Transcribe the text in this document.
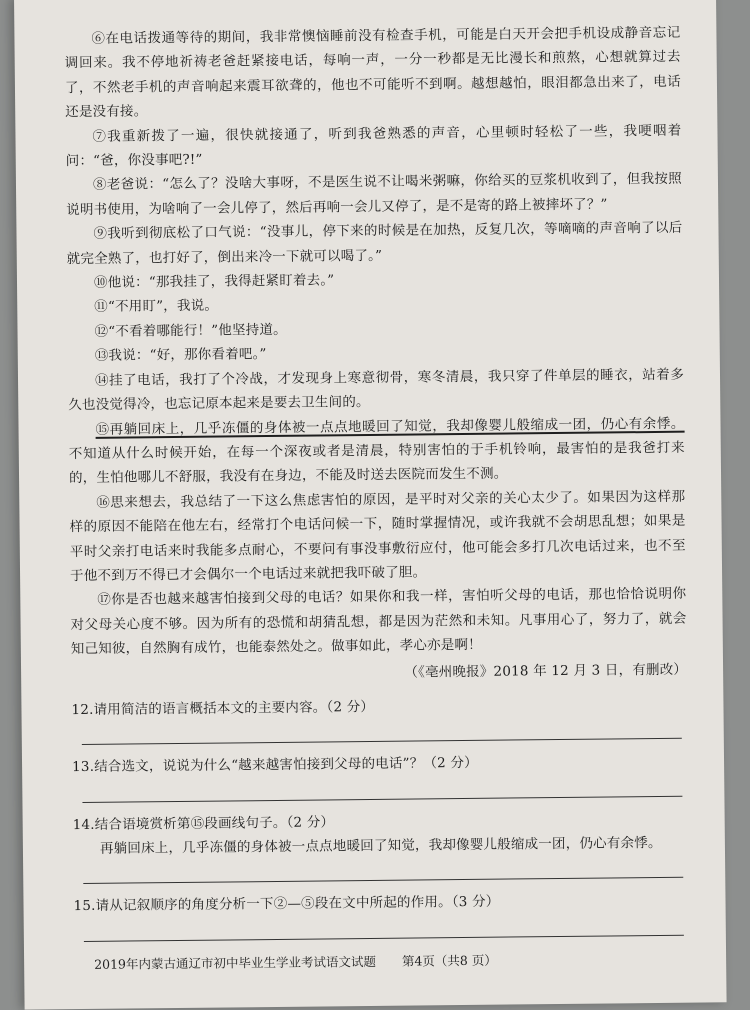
⑥在电话拨通等待的期间，我非常懊恼睡前没有检查手机，可能是白天开会把手机设成静音忘记调回来。我不停地祈祷老爸赶紧接电话，每响一声，一分一秒都是无比漫长和煎熬，心想就算过去了，不然老手机的声音响起来震耳欲聋的，他也不可能听不到啊。越想越怕，眼泪都急出来了，电话还是没有接。

⑦我重新拨了一遍，很快就接通了，听到我爸熟悉的声音，心里顿时轻松了一些，我哽咽着问：“爸，你没事吧?!”

⑧老爸说：“怎么了？没啥大事呀，不是医生说不让喝米粥嘛，你给买的豆浆机收到了，但我按照说明书使用，为啥响了一会儿停了，然后再响一会儿又停了，是不是寄的路上被摔坏了？”

⑨我听到彻底松了口气说：“没事儿，停下来的时候是在加热，反复几次，等嘀嘀的声音响了以后就完全熟了，也打好了，倒出来冷一下就可以喝了。”

⑩他说：“那我挂了，我得赶紧盯着去。”

⑪“不用盯”，我说。

⑫“不看着哪能行！”他坚持道。

⑬我说：“好，那你看着吧。”

⑭挂了电话，我打了个冷战，才发现身上寒意彻骨，寒冬清晨，我只穿了件单层的睡衣，站着多久也没觉得冷，也忘记原本起来是要去卫生间的。

⑮再躺回床上，几乎冻僵的身体被一点点地暖回了知觉，我却像婴儿般缩成一团，仍心有余悸。不知道从什么时候开始，在每一个深夜或者是清晨，特别害怕的于手机铃响，最害怕的是我爸打来的，生怕他哪儿不舒服，我没有在身边，不能及时送去医院而发生不测。

⑯思来想去，我总结了一下这么焦虑害怕的原因，是平时对父亲的关心太少了。如果因为这样那样的原因不能陪在他左右，经常打个电话问候一下，随时掌握情况，或许我就不会胡思乱想；如果是平时父亲打电话来时我能多点耐心，不要问有事没事敷衍应付，他可能会多打几次电话过来，也不至于他不到万不得已才会偶尔一个电话过来就把我吓破了胆。

⑰你是否也越来越害怕接到父母的电话？如果你和我一样，害怕听父母的电话，那也恰恰说明你对父母关心度不够。因为所有的恐慌和胡猜乱想，都是因为茫然和未知。凡事用心了，努力了，就会知己知彼，自然胸有成竹，也能泰然处之。做事如此，孝心亦是啊！

（《亳州晚报》2018 年 12 月 3 日，有删改）

12.请用简洁的语言概括本文的主要内容。（2 分）
13.结合选文，说说为什么“越来越害怕接到父母的电话”？（2 分）
14.结合语境赏析第⑮段画线句子。（2 分）

再躺回床上，几乎冻僵的身体被一点点地暖回了知觉，我却像婴儿般缩成一团，仍心有余悸。

15.请从记叙顺序的角度分析一下②—⑤段在文中所起的作用。（3 分）
2019年内蒙古通辽市初中毕业生学业考试语文试题 第4页（共8 页）
